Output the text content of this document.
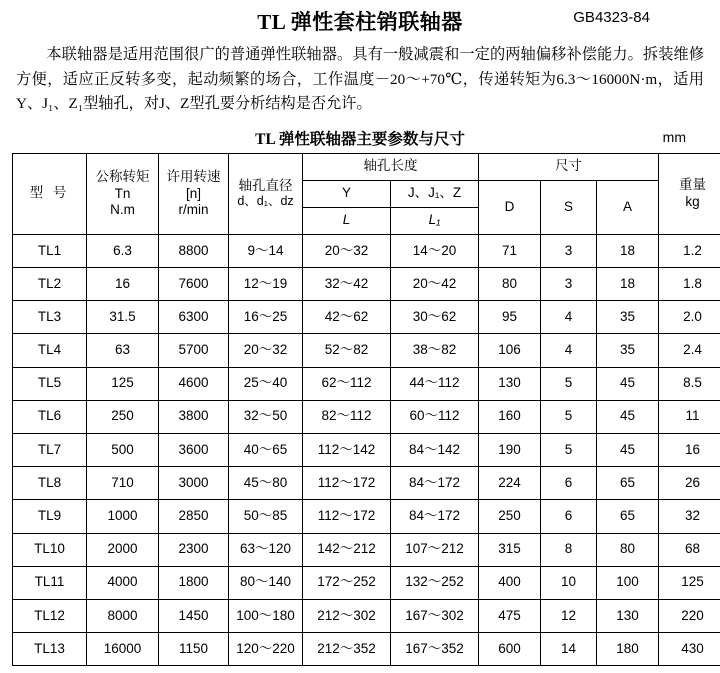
TL 弹性套柱销联轴器	GB4323-84

本联轴器是适用范围很广的普通弹性联轴器。具有一般减震和一定的两轴偏移补偿能力。拆装维修方便，适应正反转多变，起动频繁的场合，工作温度－20～+70℃，传递转矩为6.3～16000N·m，适用Y、J₁、Z₁型轴孔，对J、Z型孔要分析结构是否允许。

TL 弹性联轴器主要参数与尺寸	mm
型 号	公称转矩
Tn
N.m	许用转速
[n]
r/min	轴孔直径
d、d₁、dz	轴孔长度		尺寸			重量
kg

				Y	J、J₁、Z	D	S	A	
				L	L₁				
TL1	6.3	8800	9～14	20～32	14～20	71	3	18	1.2
TL2	16	7600	12～19	32～42	20～42	80	3	18	1.8
TL3	31.5	6300	16～25	42～62	30～62	95	4	35	2.0
TL4	63	5700	20～32	52～82	38～82	106	4	35	2.4
TL5	125	4600	25～40	62～112	44～112	130	5	45	8.5
TL6	250	3800	32～50	82～112	60～112	160	5	45	11
TL7	500	3600	40～65	112～142	84～142	190	5	45	16
TL8	710	3000	45～80	112～172	84～172	224	6	65	26
TL9	1000	2850	50～85	112～172	84～172	250	6	65	32
TL10	2000	2300	63～120	142～212	107～212	315	8	80	68
TL11	4000	1800	80～140	172～252	132～252	400	10	100	125
TL12	8000	1450	100～180	212～302	167～302	475	12	130	220
TL13	16000	1150	120～220	212～352	167～352	600	14	180	430
